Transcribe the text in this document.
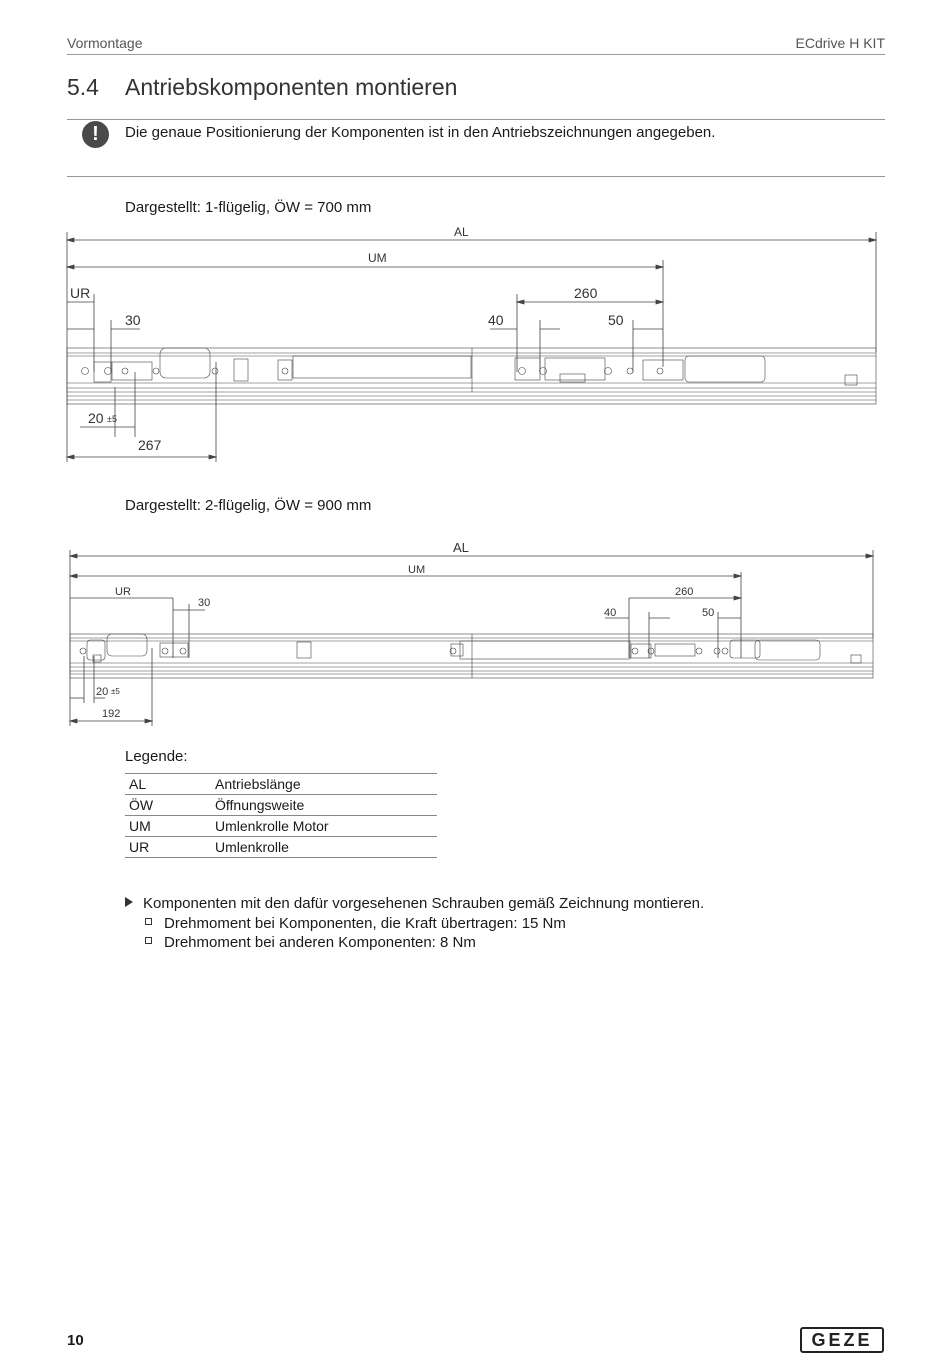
Vormontage	ECdrive H KIT
5.4 Antriebskomponenten montieren
!	Die genaue Positionierung der Komponenten ist in den Antriebszeichnungen angegeben.
Dargestellt: 1-flügelig, ÖW = 700 mm
AL
UM
UR
30
260
40	50
20 ±5
267
Dargestellt: 2-flügelig, ÖW = 900 mm
AL
UM
UR
30
260
40	50
20 ±5
192
Legende:
AL	Antriebslänge
ÖW	Öffnungsweite
UM	Umlenkrolle Motor
UR	Umlenkrolle
Komponenten mit den dafür vorgesehenen Schrauben gemäß Zeichnung montieren.
Drehmoment bei Komponenten, die Kraft übertragen: 15 Nm
Drehmoment bei anderen Komponenten: 8 Nm
10	GEZE
